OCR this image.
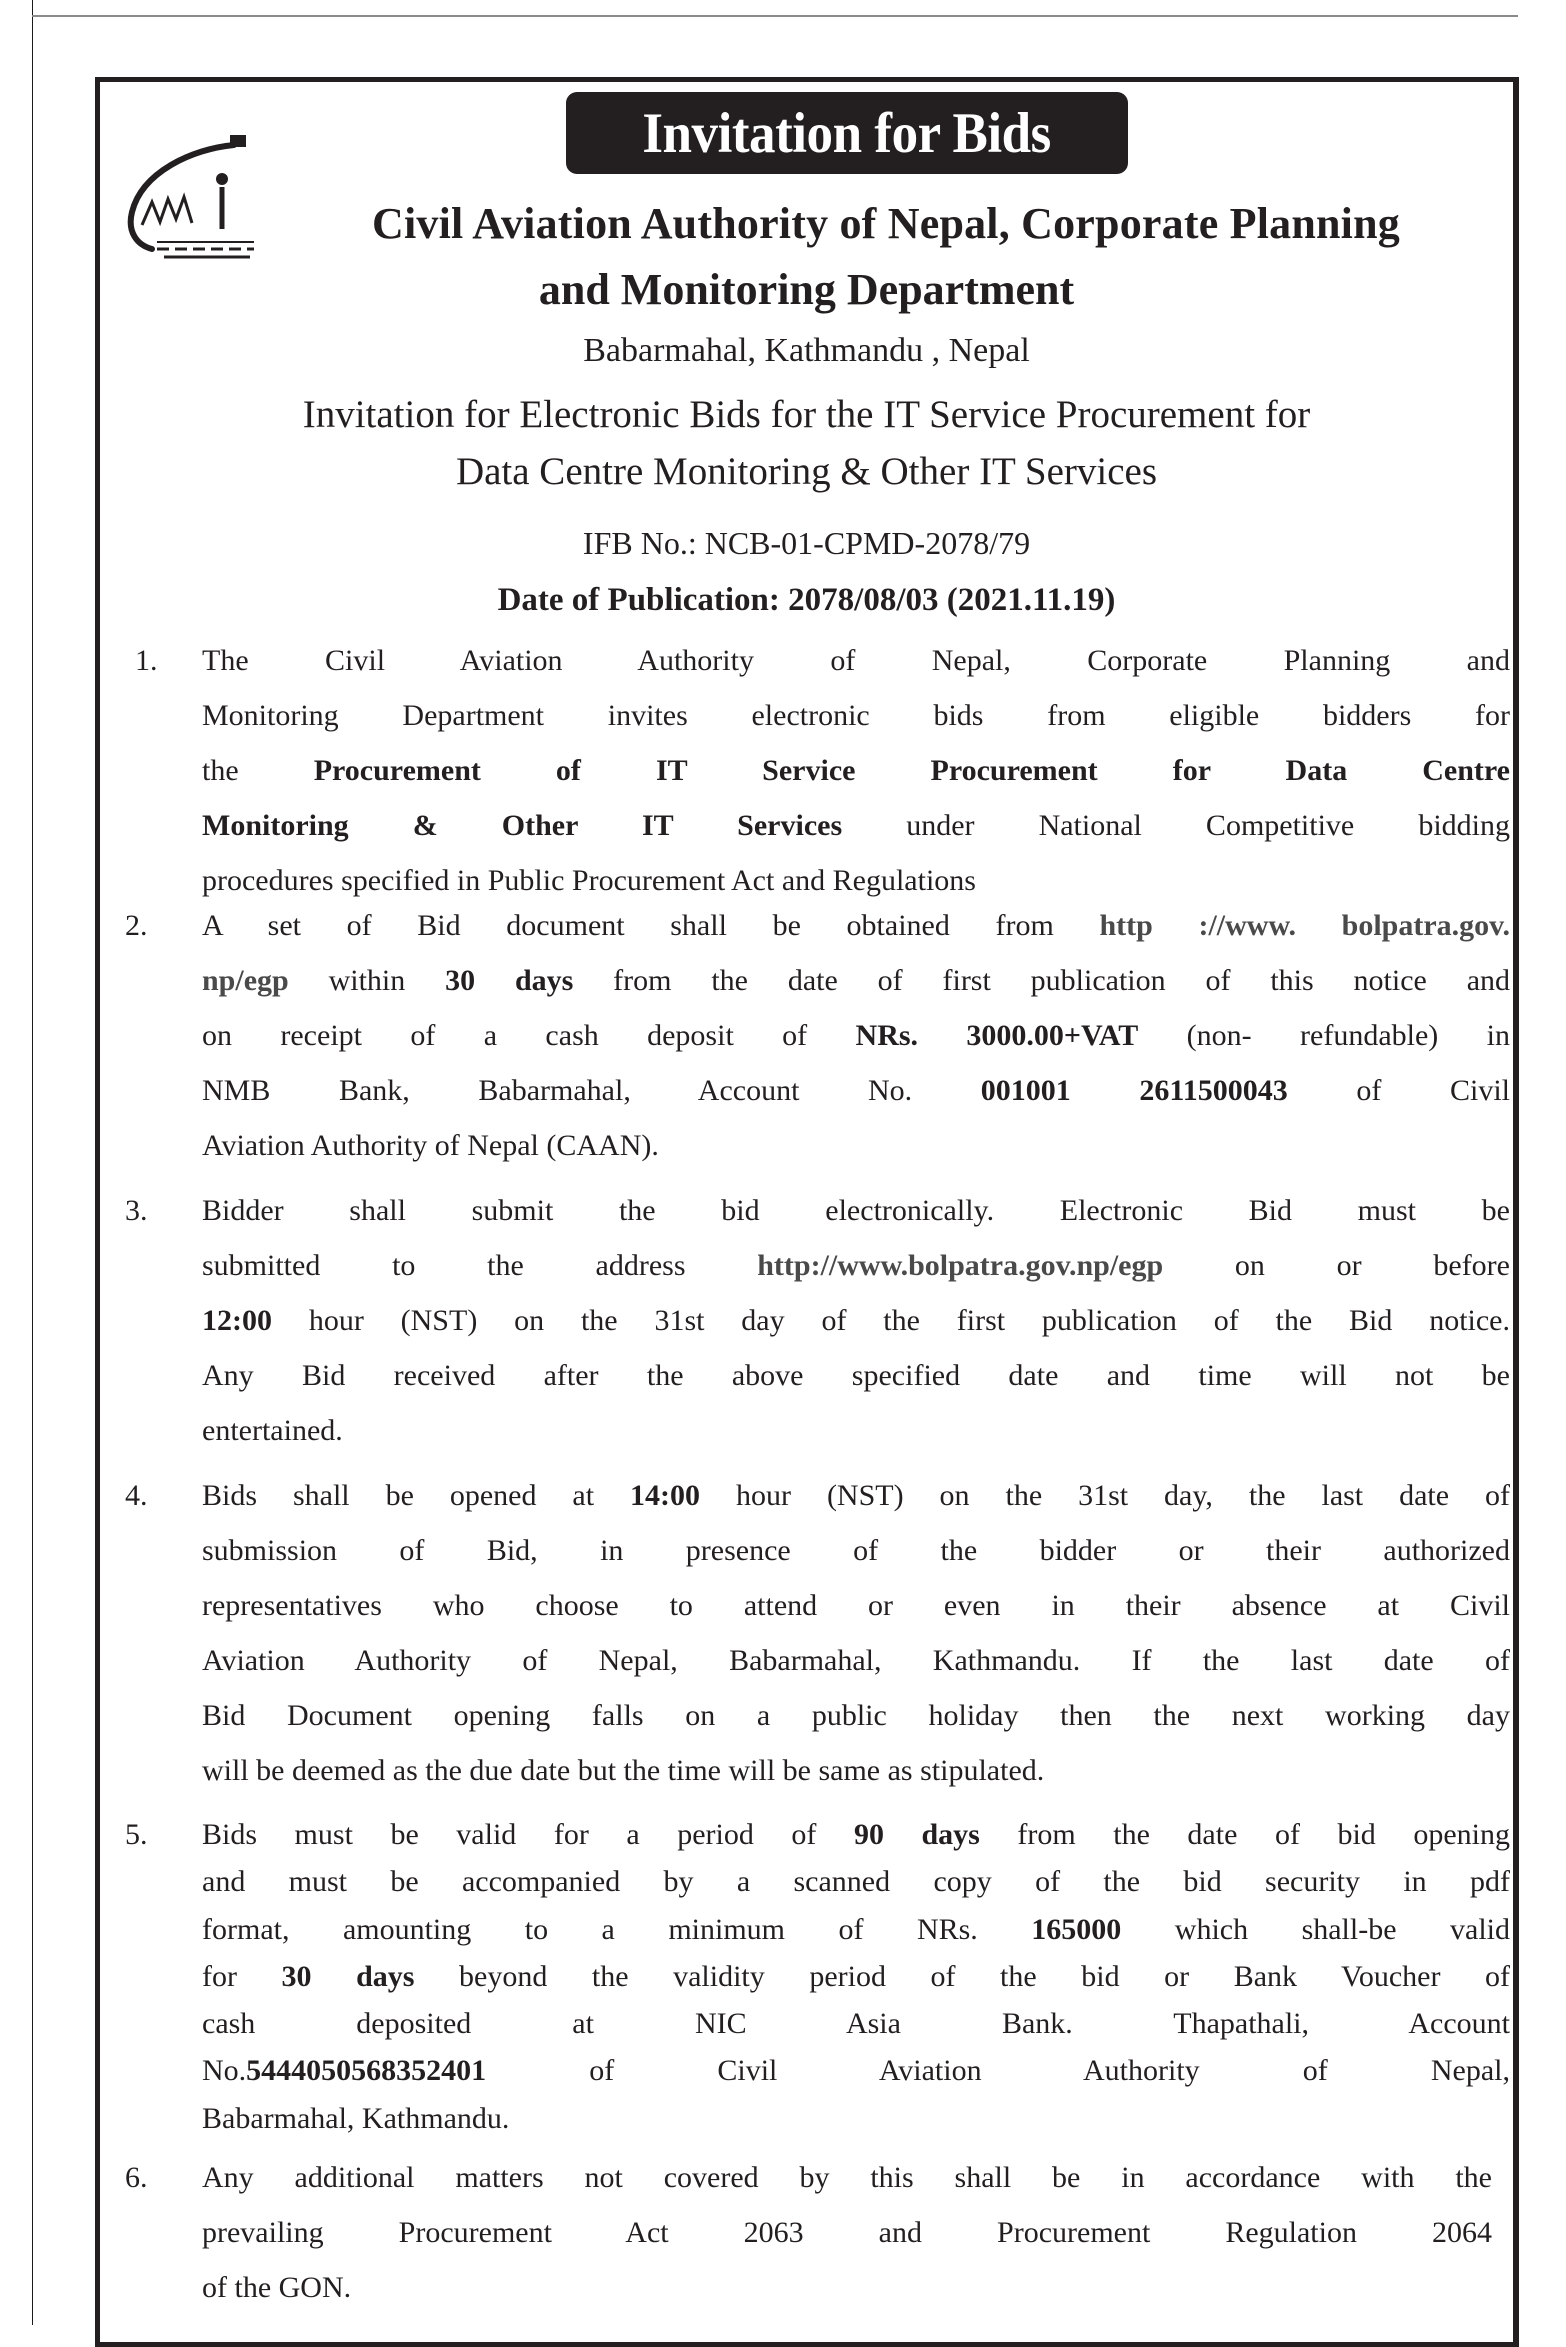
Invitation for Bids
Civil Aviation Authority of Nepal, Corporate Planning
and Monitoring Department
Babarmahal, Kathmandu , Nepal
Invitation for Electronic Bids for the IT Service Procurement for
Data Centre Monitoring & Other IT Services
IFB No.: NCB-01-CPMD-2078/79
Date of Publication: 2078/08/03 (2021.11.19)
1.	The Civil Aviation Authority of Nepal, Corporate Planning and
Monitoring Department invites electronic bids from eligible bidders for
the Procurement of IT Service Procurement for Data Centre
Monitoring & Other IT Services under National Competitive bidding
procedures specified in Public Procurement Act and Regulations
2.	A set of Bid document shall be obtained from http ://www. bolpatra.gov.
np/egp within 30 days from the date of first publication of this notice and
on receipt of a cash deposit of NRs. 3000.00+VAT (non- refundable) in
NMB Bank, Babarmahal, Account No. 001001 2611500043 of Civil
Aviation Authority of Nepal (CAAN).
3.	Bidder shall submit the bid electronically. Electronic Bid must be
submitted to the address http://www.bolpatra.gov.np/egp on or before
12:00 hour (NST) on the 31st day of the first publication of the Bid notice.
Any Bid received after the above specified date and time will not be
entertained.
4.	Bids shall be opened at 14:00 hour (NST) on the 31st day, the last date of
submission of Bid, in presence of the bidder or their authorized
representatives who choose to attend or even in their absence at Civil
Aviation Authority of Nepal, Babarmahal, Kathmandu. If the last date of
Bid Document opening falls on a public holiday then the next working day
will be deemed as the due date but the time will be same as stipulated.
5.	Bids must be valid for a period of 90 days from the date of bid opening
and must be accompanied by a scanned copy of the bid security in pdf
format, amounting to a minimum of NRs. 165000 which shall-be valid
for 30 days beyond the validity period of the bid or Bank Voucher of
cash deposited at NIC Asia Bank. Thapathali, Account
No.5444050568352401 of Civil Aviation Authority of Nepal,
Babarmahal, Kathmandu.
6.	Any additional matters not covered by this shall be in accordance with the
prevailing Procurement Act 2063 and Procurement Regulation 2064
of the GON.
